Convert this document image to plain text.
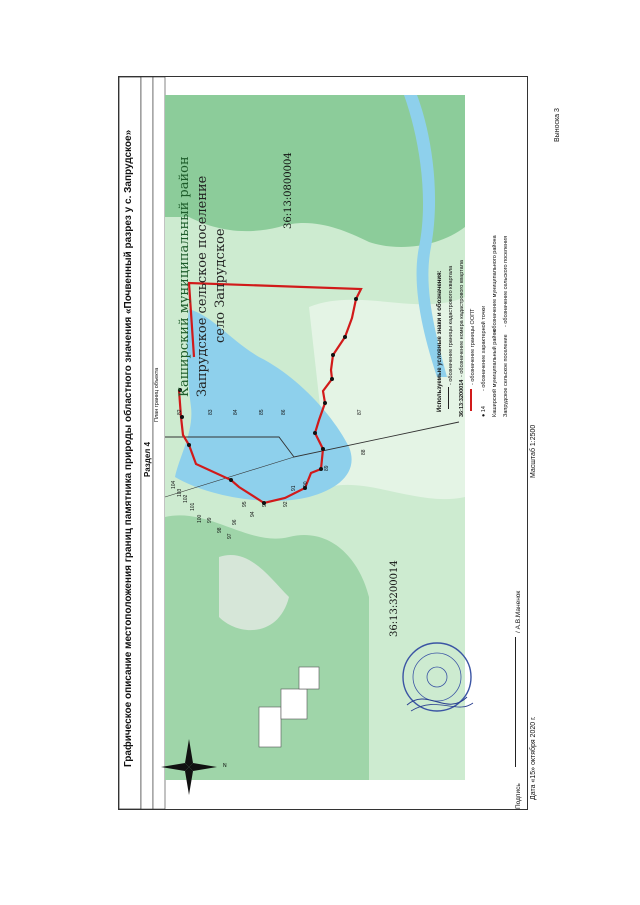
N
Графическое описание местоположения границ памятника природы областного значения «Почвенный разрез у с. Запрудское» Раздел 4
План границ объекта Каширский муниципальный район Запрудское сельское поселение село Запрудское
36:13:0800004
36:13:3200014
82	83	84	85	86	87
88
89
90
91
92
93
94
95
96
97
98
99
100
101
102
103
104
Используемые условные знаки и обозначения: - обозначение границы кадастрового квартала
36:13:3200014
- обозначение номера кадастрового квартала - обозначение границы ООПТ
● 14
- обозначение характерной точки Каширский муниципальный район
- обозначение муниципального района
Запрудское сельское поселение
- обозначение сельского поселения
Подпись
/ А.В.Маненок
Дата «15» октября 2020 г.
Масштаб 1:2500
Выноска 3
